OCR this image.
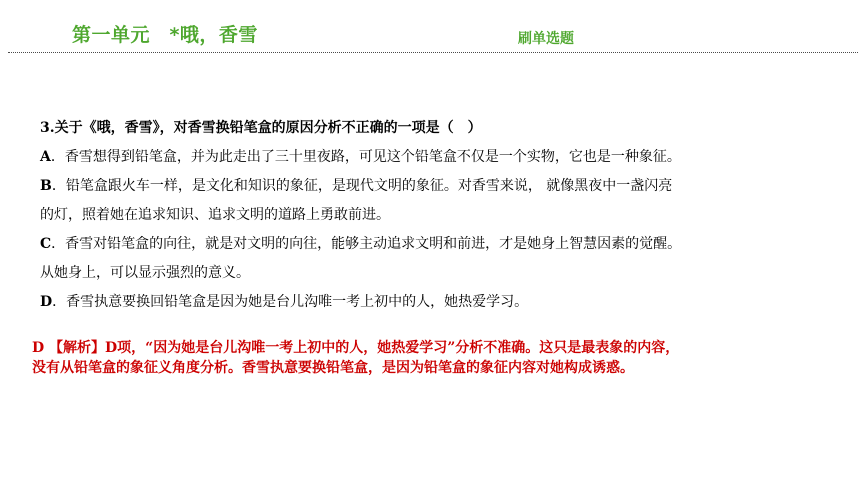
第一单元　*哦，香雪	刷单选题

3.关于《哦，香雪》，对香雪换铅笔盒的原因分析不正确的一项是（　）

A．香雪想得到铅笔盒，并为此走出了三十里夜路，可见这个铅笔盒不仅是一个实物，它也是一种象征。

B．铅笔盒跟火车一样，是文化和知识的象征，是现代文明的象征。对香雪来说， 就像黑夜中一盏闪亮

的灯，照着她在追求知识、追求文明的道路上勇敢前进。

C．香雪对铅笔盒的向往，就是对文明的向往，能够主动追求文明和前进，才是她身上智慧因素的觉醒。

从她身上，可以显示强烈的意义。

D．香雪执意要换回铅笔盒是因为她是台儿沟唯一考上初中的人，她热爱学习。

D 【解析】D项，“因为她是台儿沟唯一考上初中的人，她热爱学习”分析不准确。这只是最表象的内容，

没有从铅笔盒的象征义角度分析。香雪执意要换铅笔盒，是因为铅笔盒的象征内容对她构成诱惑。
